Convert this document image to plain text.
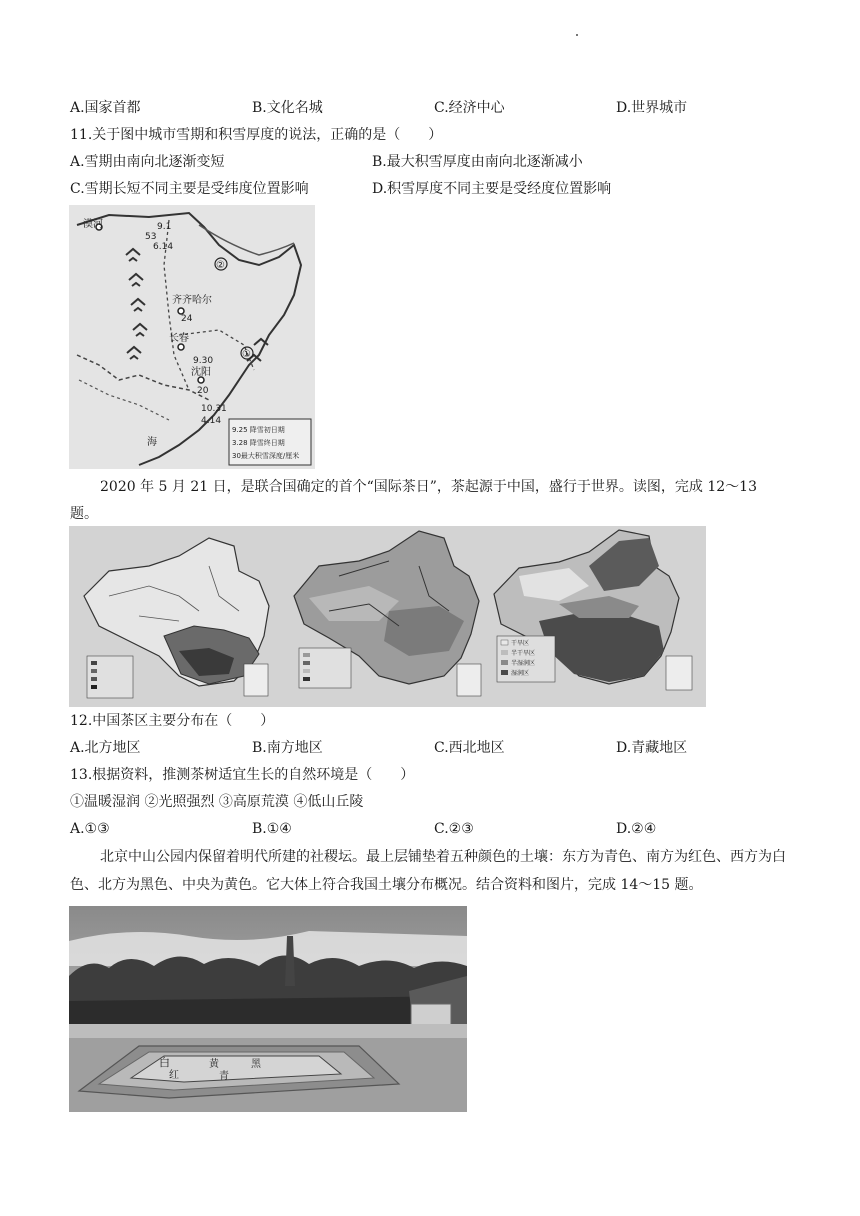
A.国家首都	B.文化名城	C.经济中心	D.世界城市
11.关于图中城市雪期和积雪厚度的说法，正确的是（　　）
A.雪期由南向北逐渐变短	B.最大积雪厚度由南向北逐渐减小
C.雪期长短不同主要是受纬度位置影响	D.积雪厚度不同主要是受经度位置影响
漠河
齐齐哈尔
长春
沈阳
②
①
9.1
53
6.14
24
9.30
20
10.31
4.14
海
9.25 降雪初日期
3.28 降雪终日期
30最大积雪深度/厘米
2020 年 5 月 21 日，是联合国确定的首个“国际茶日”，茶起源于中国，盛行于世界。读图，完成 12～13
题。
干旱区
半干旱区
半湿润区
湿润区
12.中国茶区主要分布在（　　）
A.北方地区	B.南方地区	C.西北地区	D.青藏地区
13.根据资料，推测茶树适宜生长的自然环境是（　　）
①温暖湿润 ②光照强烈 ③高原荒漠 ④低山丘陵
A.①③	B.①④	C.②③	D.②④
北京中山公园内保留着明代所建的社稷坛。最上层铺垫着五种颜色的土壤：东方为青色、南方为红色、西方为白色、北方为黑色、中央为黄色。它大体上符合我国土壤分布概况。结合资料和图片，完成 14～15 题。
白	黄	黑
红	青
